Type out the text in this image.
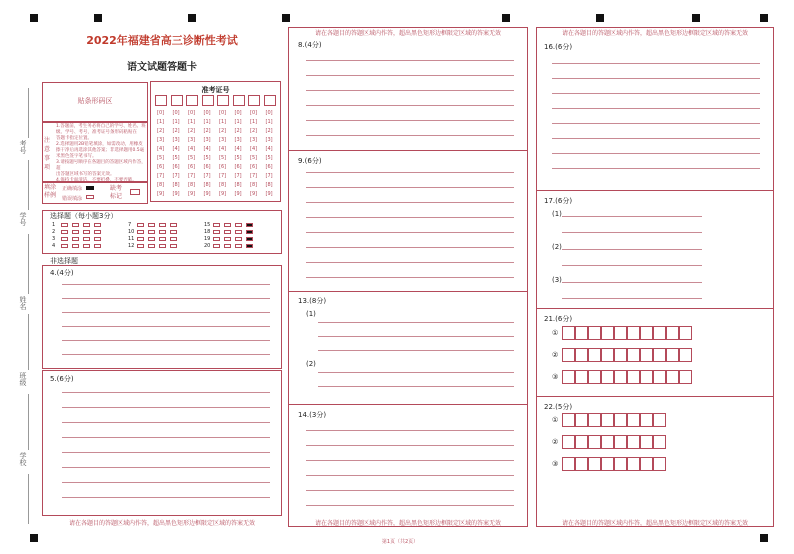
考号
学号
姓名
班级
学校
2022年福建省高三诊断性考试
语文试题答题卡
贴条形码区
准考证号
[0]
[1]
[2]
[3]
[4]
[5]
[6]
[7]
[8]
[9]
[0]
[1]
[2]
[3]
[4]
[5]
[6]
[7]
[8]
[9]
[0]
[1]
[2]
[3]
[4]
[5]
[6]
[7]
[8]
[9]
[0]
[1]
[2]
[3]
[4]
[5]
[6]
[7]
[8]
[9]
[0]
[1]
[2]
[3]
[4]
[5]
[6]
[7]
[8]
[9]
[0]
[1]
[2]
[3]
[4]
[5]
[6]
[7]
[8]
[9]
[0]
[1]
[2]
[3]
[4]
[5]
[6]
[7]
[8]
[9]
[0]
[1]
[2]
[3]
[4]
[5]
[6]
[7]
[8]
[9]
注意事项
1.答题前，考生务必将自己的学号、姓名、班级、学号、考号，准考证号条形码粘贴在
答题卡指定位置。
2.选择题用2B铅笔填涂，如需改动，用橡皮
擦干净后再选涂其他答案；非选择题用0.5毫
米黑色签字笔书写。
3.请按题号顺序在各题目的答题区域内作答，超
出答题区域书写的答案无效。
4.保持卡面清洁，不要折叠、不要弄破。
填涂样例
正确填涂
错误填涂
缺考标记
选择题（每小题3分）
1
2
3
4
7
10
11
12
15
18
19
20
非选择题
4.(4分)
5.(6分)
请在各题目的答题区域内作答，超出黑色矩形边框限定区域的答案无效
请在各题目的答题区域内作答，超出黑色矩形边框限定区域的答案无效
8.(4分)
9.(6分)
13.(8分)
(1)
(2)
14.(3分)
请在各题目的答题区域内作答，超出黑色矩形边框限定区域的答案无效
请在各题目的答题区域内作答，超出黑色矩形边框限定区域的答案无效
16.(6分)
17.(6分)
(1)
(2)
(3)
21.(6分)
①
②
③
22.(5分)
①
②
③
请在各题目的答题区域内作答，超出黑色矩形边框限定区域的答案无效
第1页（共2页）
